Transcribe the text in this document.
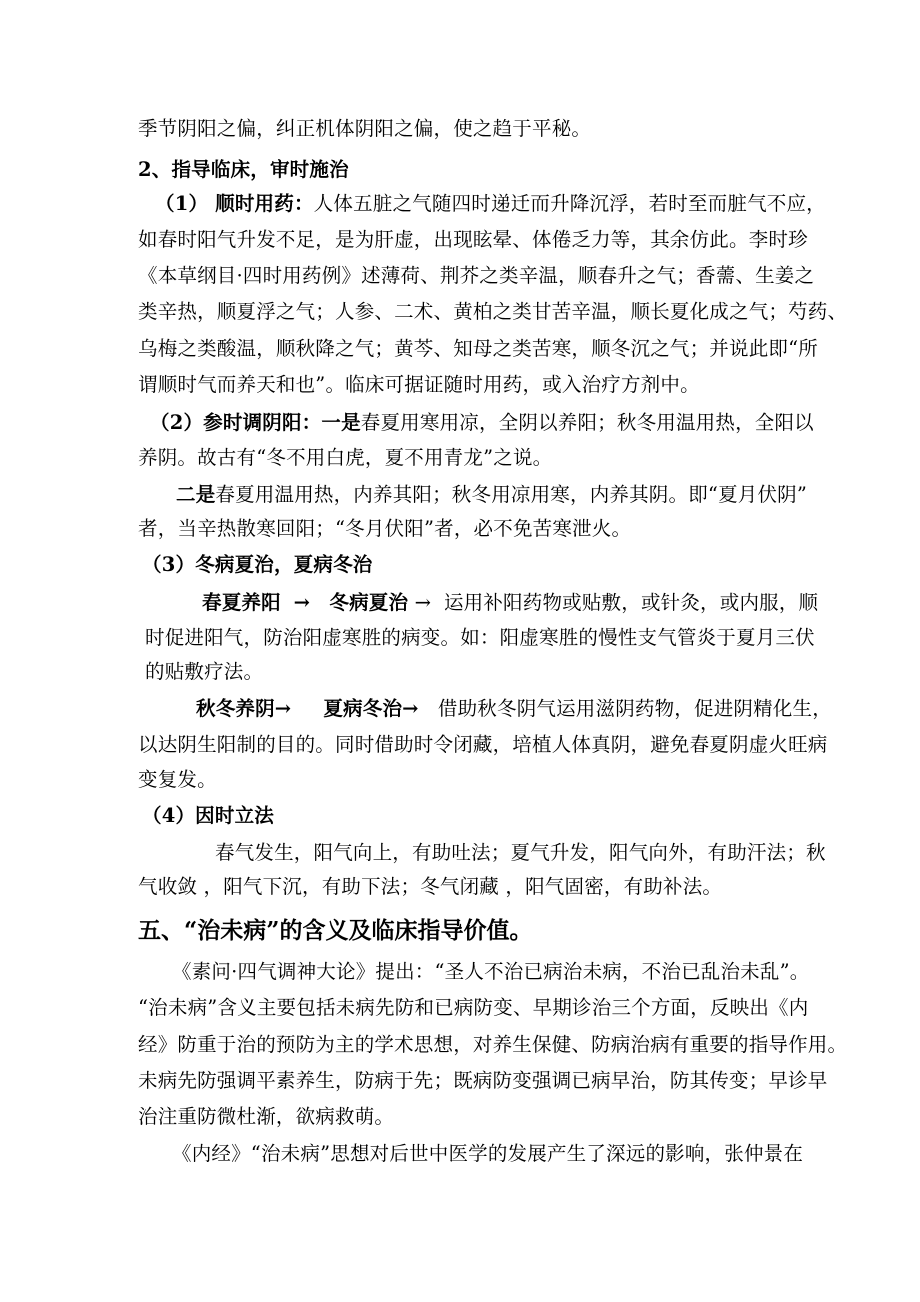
季节阴阳之偏，纠正机体阴阳之偏，使之趋于平秘。
2、指导临床，审时施治
（1） 顺时用药：人体五脏之气随四时递迁而升降沉浮，若时至而脏气不应，
如春时阳气升发不足，是为肝虚，出现眩晕、体倦乏力等，其余仿此。李时珍
《本草纲目·四时用药例》述薄荷、荆芥之类辛温，顺春升之气；香薷、生姜之
类辛热，顺夏浮之气；人参、二术、黄柏之类甘苦辛温，顺长夏化成之气；芍药、
乌梅之类酸温，顺秋降之气；黄芩、知母之类苦寒，顺冬沉之气；并说此即“所
谓顺时气而养天和也”。临床可据证随时用药，或入治疗方剂中。
（2）参时调阴阳：一是春夏用寒用凉，全阴以养阳；秋冬用温用热，全阳以
养阴。故古有“冬不用白虎，夏不用青龙”之说。
二是春夏用温用热，内养其阳；秋冬用凉用寒，内养其阴。即“夏月伏阴”
者，当辛热散寒回阳；“冬月伏阳”者，必不免苦寒泄火。
（3）冬病夏治，夏病冬治
春夏养阳 → 冬病夏治 → 运用补阳药物或贴敷，或针灸，或内服，顺
时促进阳气，防治阳虚寒胜的病变。如：阳虚寒胜的慢性支气管炎于夏月三伏
的贴敷疗法。
秋冬养阴→ 夏病冬治→ 借助秋冬阴气运用滋阴药物，促进阴精化生，
以达阴生阳制的目的。同时借助时令闭藏，培植人体真阴，避免春夏阴虚火旺病
变复发。
（4）因时立法
春气发生，阳气向上，有助吐法；夏气升发，阳气向外，有助汗法；秋
气收敛 ，阳气下沉，有助下法；冬气闭藏 ，阳气固密，有助补法。
五、“治未病”的含义及临床指导价值。
《素问·四气调神大论》提出：“圣人不治已病治未病，不治已乱治未乱”。
“治未病”含义主要包括未病先防和已病防变、早期诊治三个方面，反映出《内
经》防重于治的预防为主的学术思想，对养生保健、防病治病有重要的指导作用。
未病先防强调平素养生，防病于先；既病防变强调已病早治，防其传变；早诊早
治注重防微杜渐，欲病救萌。
《内经》“治未病”思想对后世中医学的发展产生了深远的影响，张仲景在
